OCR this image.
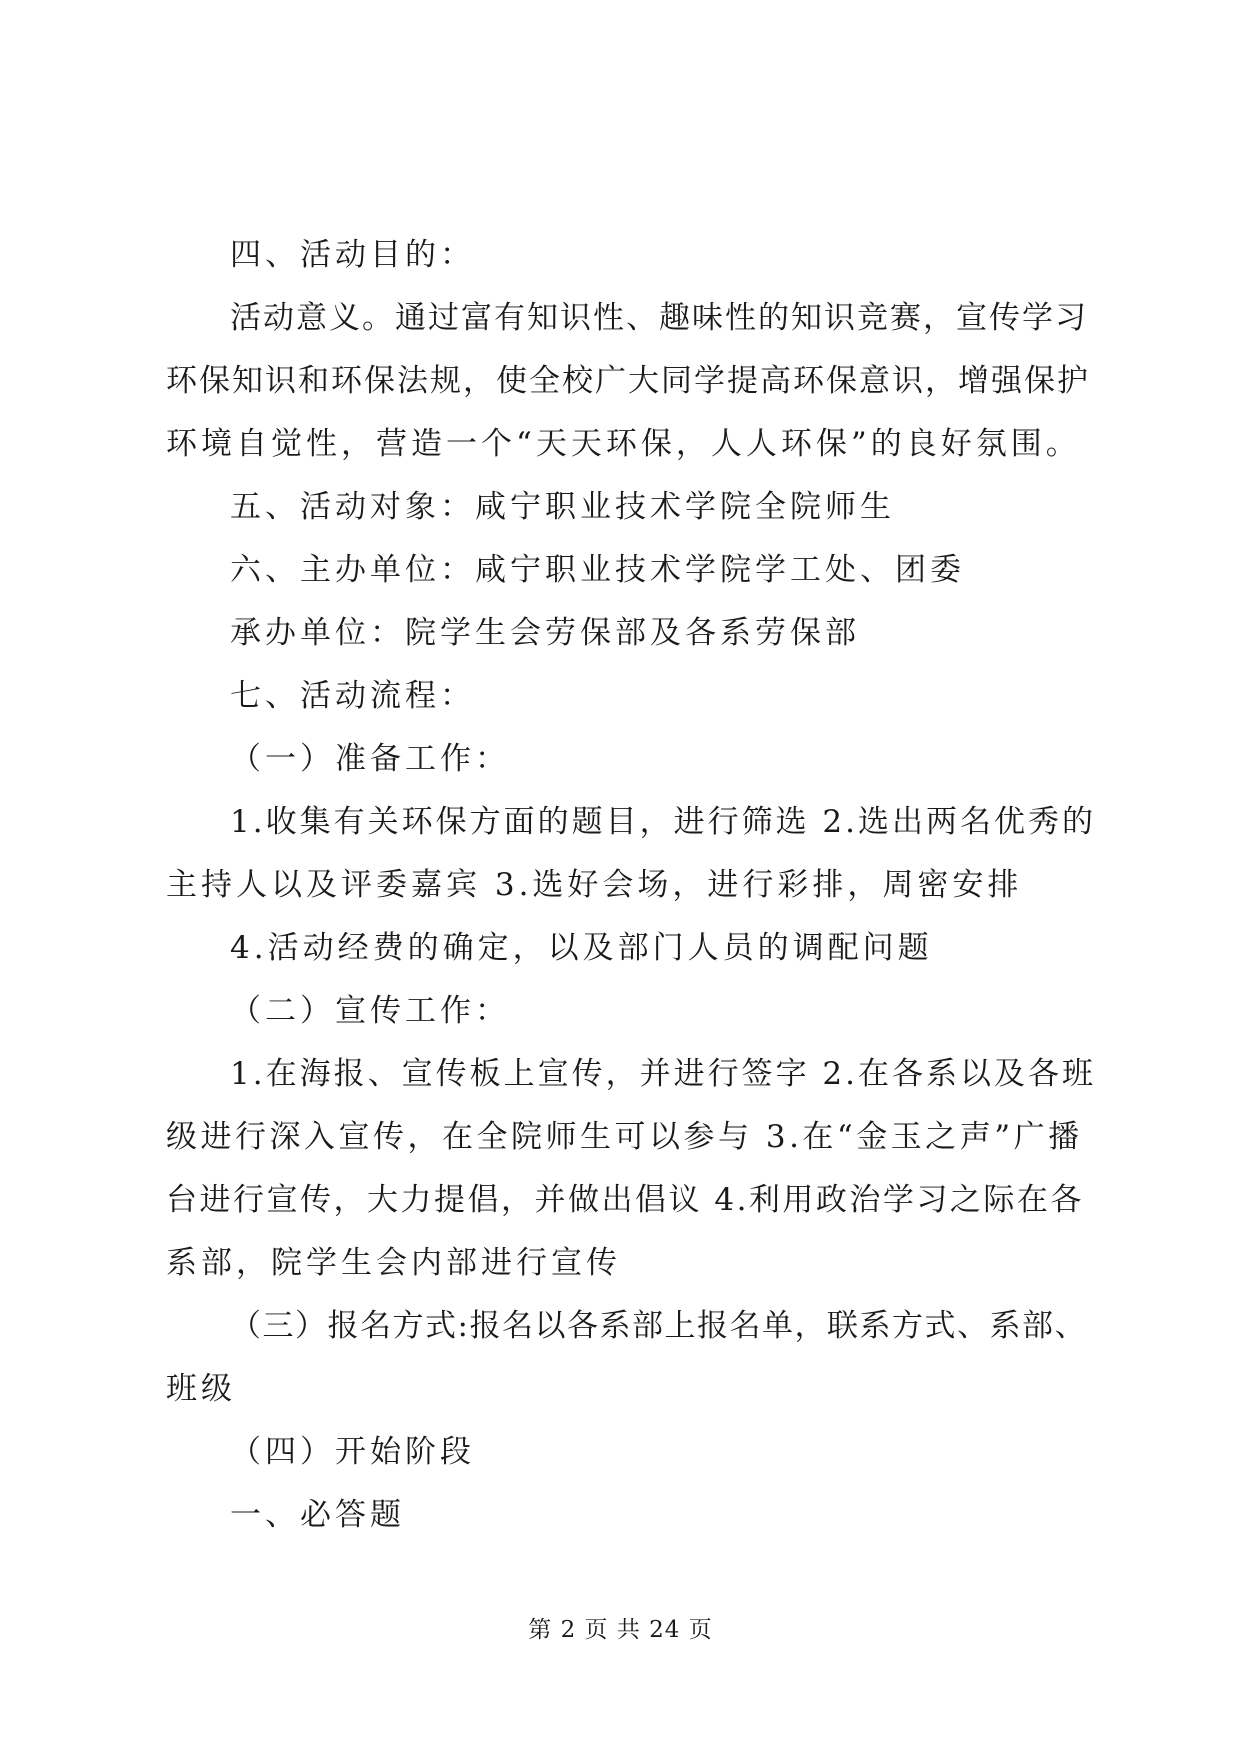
四、活动目的：
活动意义。通过富有知识性、趣味性的知识竞赛，宣传学习
环保知识和环保法规，使全校广大同学提高环保意识，增强保护
环境自觉性，营造一个“天天环保，人人环保”的良好氛围。
五、活动对象：咸宁职业技术学院全院师生
六、主办单位：咸宁职业技术学院学工处、团委
承办单位：院学生会劳保部及各系劳保部
七、活动流程：
（一）准备工作：
1.收集有关环保方面的题目，进行筛选 2.选出两名优秀的
主持人以及评委嘉宾 3.选好会场，进行彩排，周密安排
4.活动经费的确定，以及部门人员的调配问题
（二）宣传工作：
1.在海报、宣传板上宣传，并进行签字 2.在各系以及各班
级进行深入宣传，在全院师生可以参与 3.在“金玉之声”广播
台进行宣传，大力提倡，并做出倡议 4.利用政治学习之际在各
系部，院学生会内部进行宣传
（三）报名方式:报名以各系部上报名单，联系方式、系部、
班级
（四）开始阶段
一、必答题
第 2 页 共 24 页
